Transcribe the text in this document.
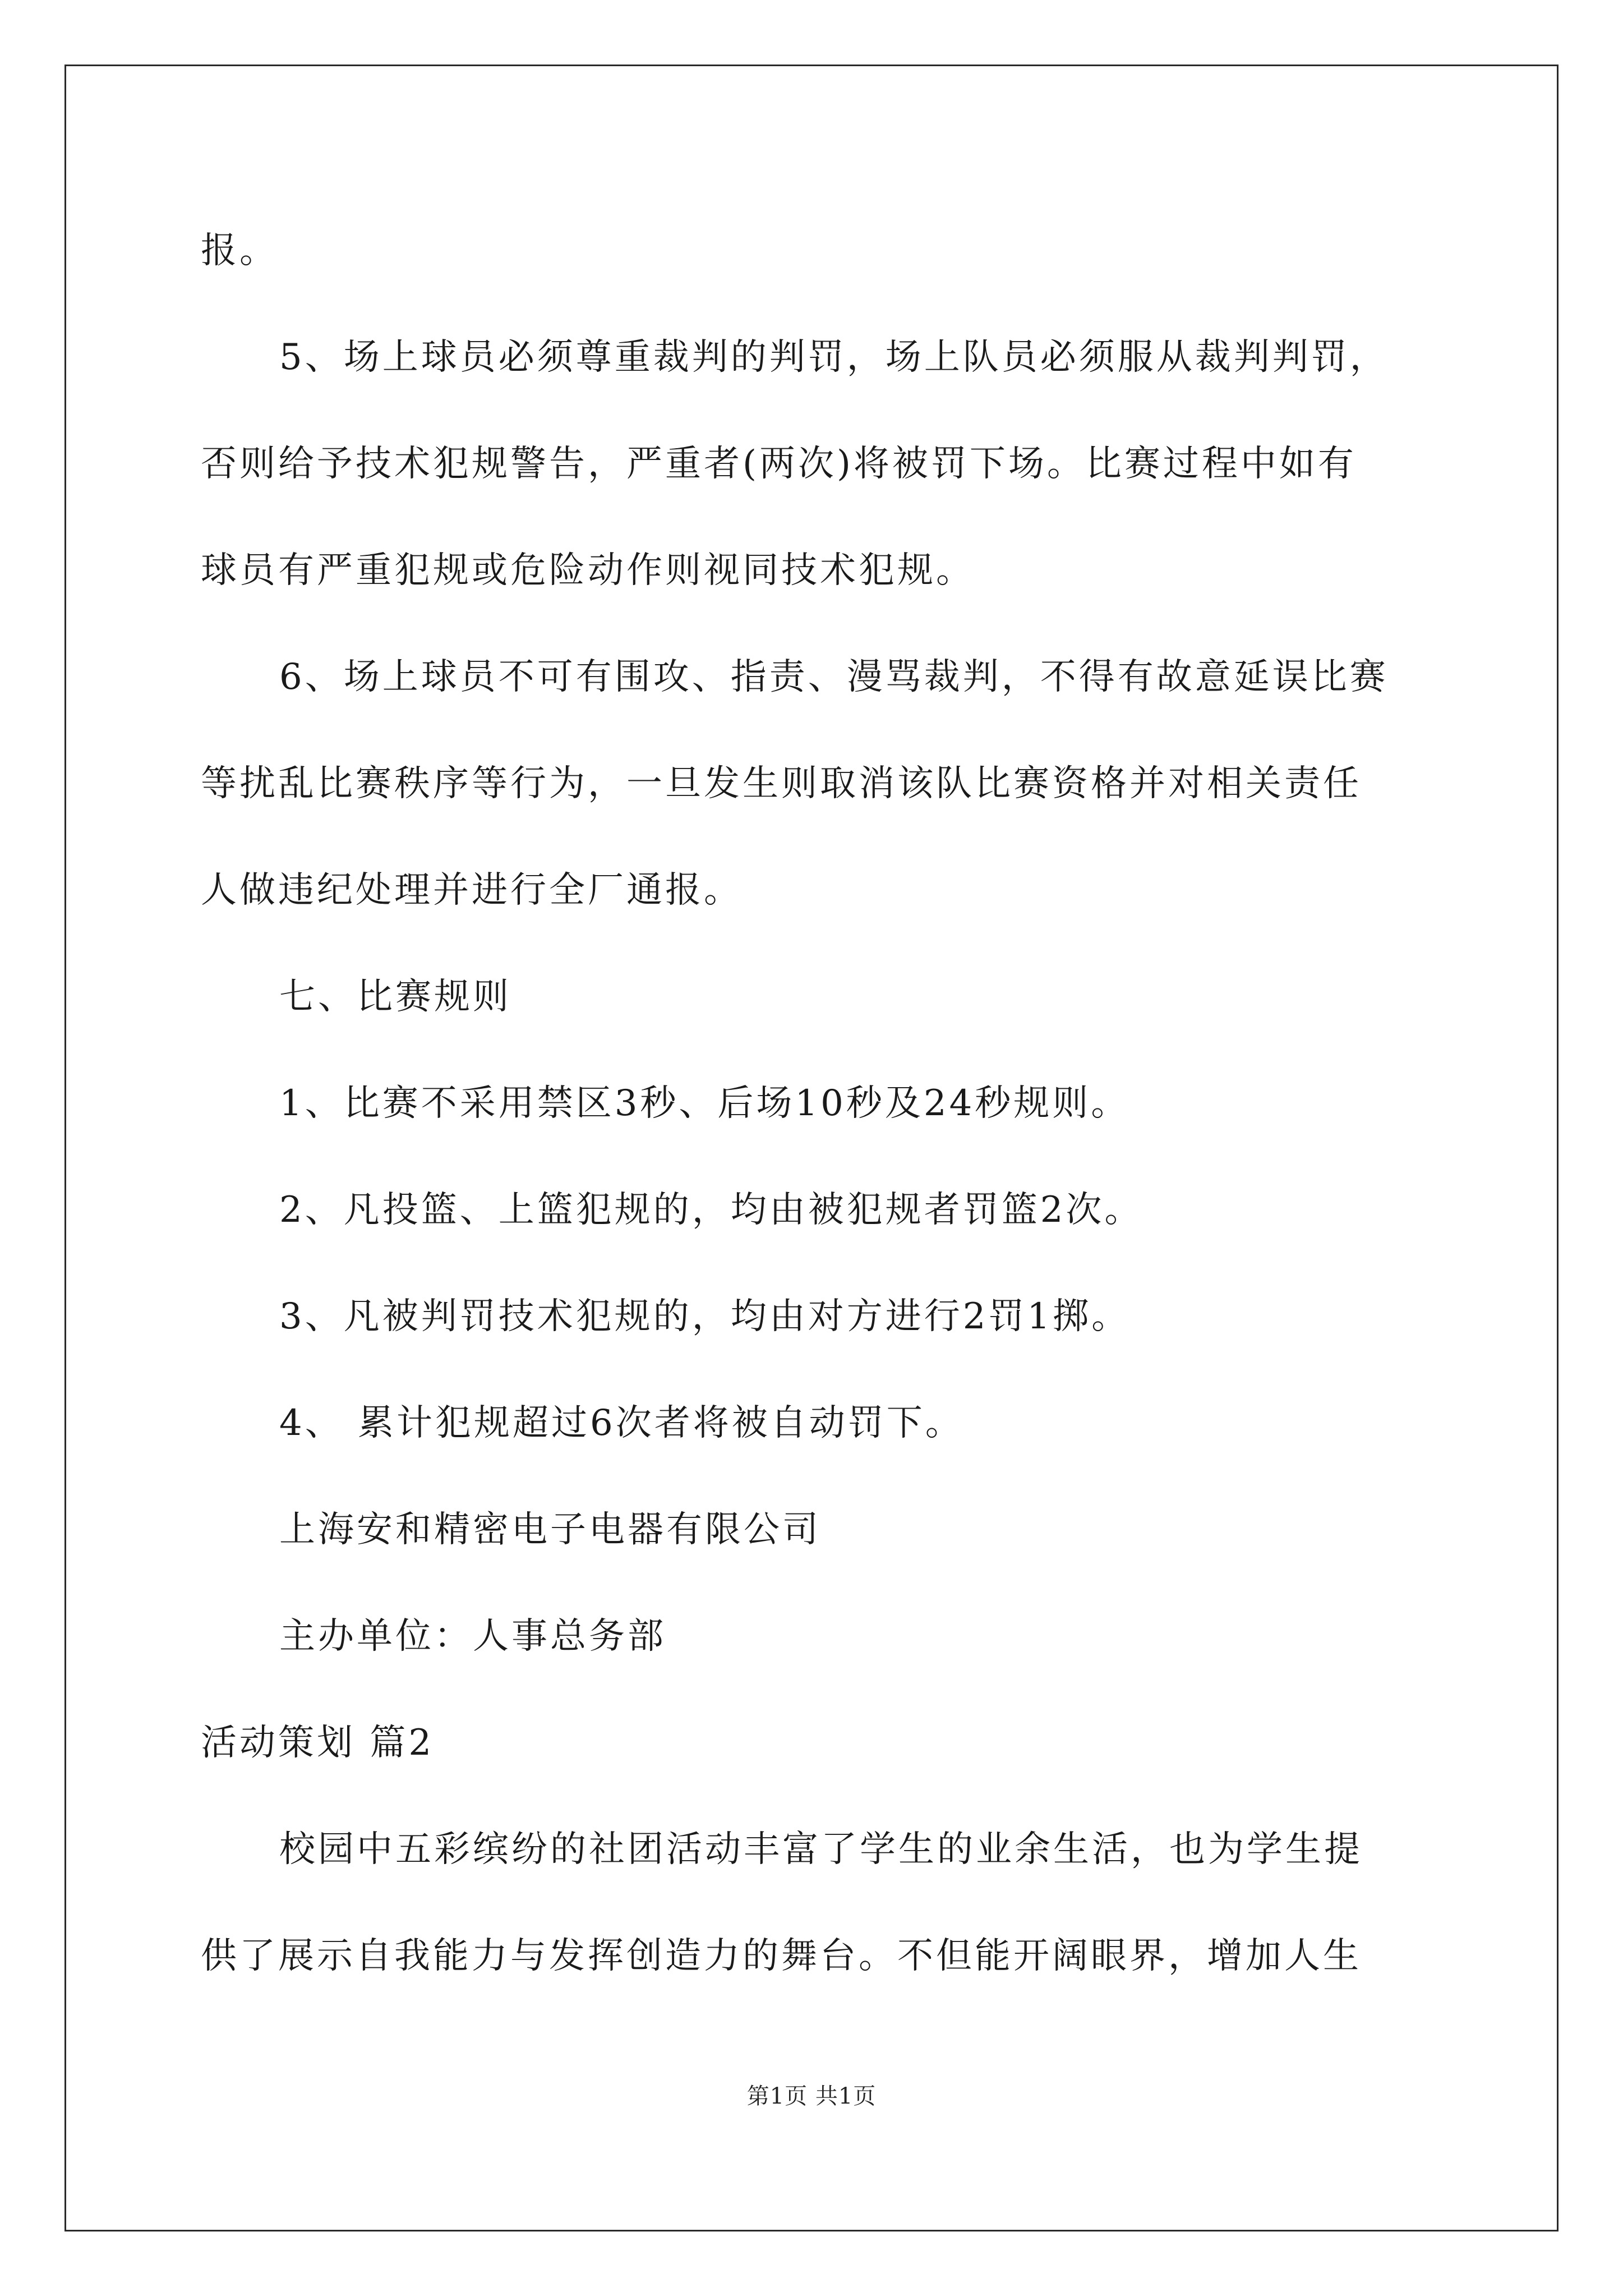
报。
5、场上球员必须尊重裁判的判罚，场上队员必须服从裁判判罚，
否则给予技术犯规警告，严重者(两次)将被罚下场。比赛过程中如有
球员有严重犯规或危险动作则视同技术犯规。
6、场上球员不可有围攻、指责、漫骂裁判，不得有故意延误比赛
等扰乱比赛秩序等行为，一旦发生则取消该队比赛资格并对相关责任
人做违纪处理并进行全厂通报。
七、比赛规则
1、比赛不采用禁区3秒、后场10秒及24秒规则。
2、凡投篮、上篮犯规的，均由被犯规者罚篮2次。
3、凡被判罚技术犯规的，均由对方进行2罚1掷。
4、 累计犯规超过6次者将被自动罚下。
上海安和精密电子电器有限公司
主办单位：人事总务部
活动策划 篇2
校园中五彩缤纷的社团活动丰富了学生的业余生活，也为学生提
供了展示自我能力与发挥创造力的舞台。不但能开阔眼界，增加人生
第1页 共1页
